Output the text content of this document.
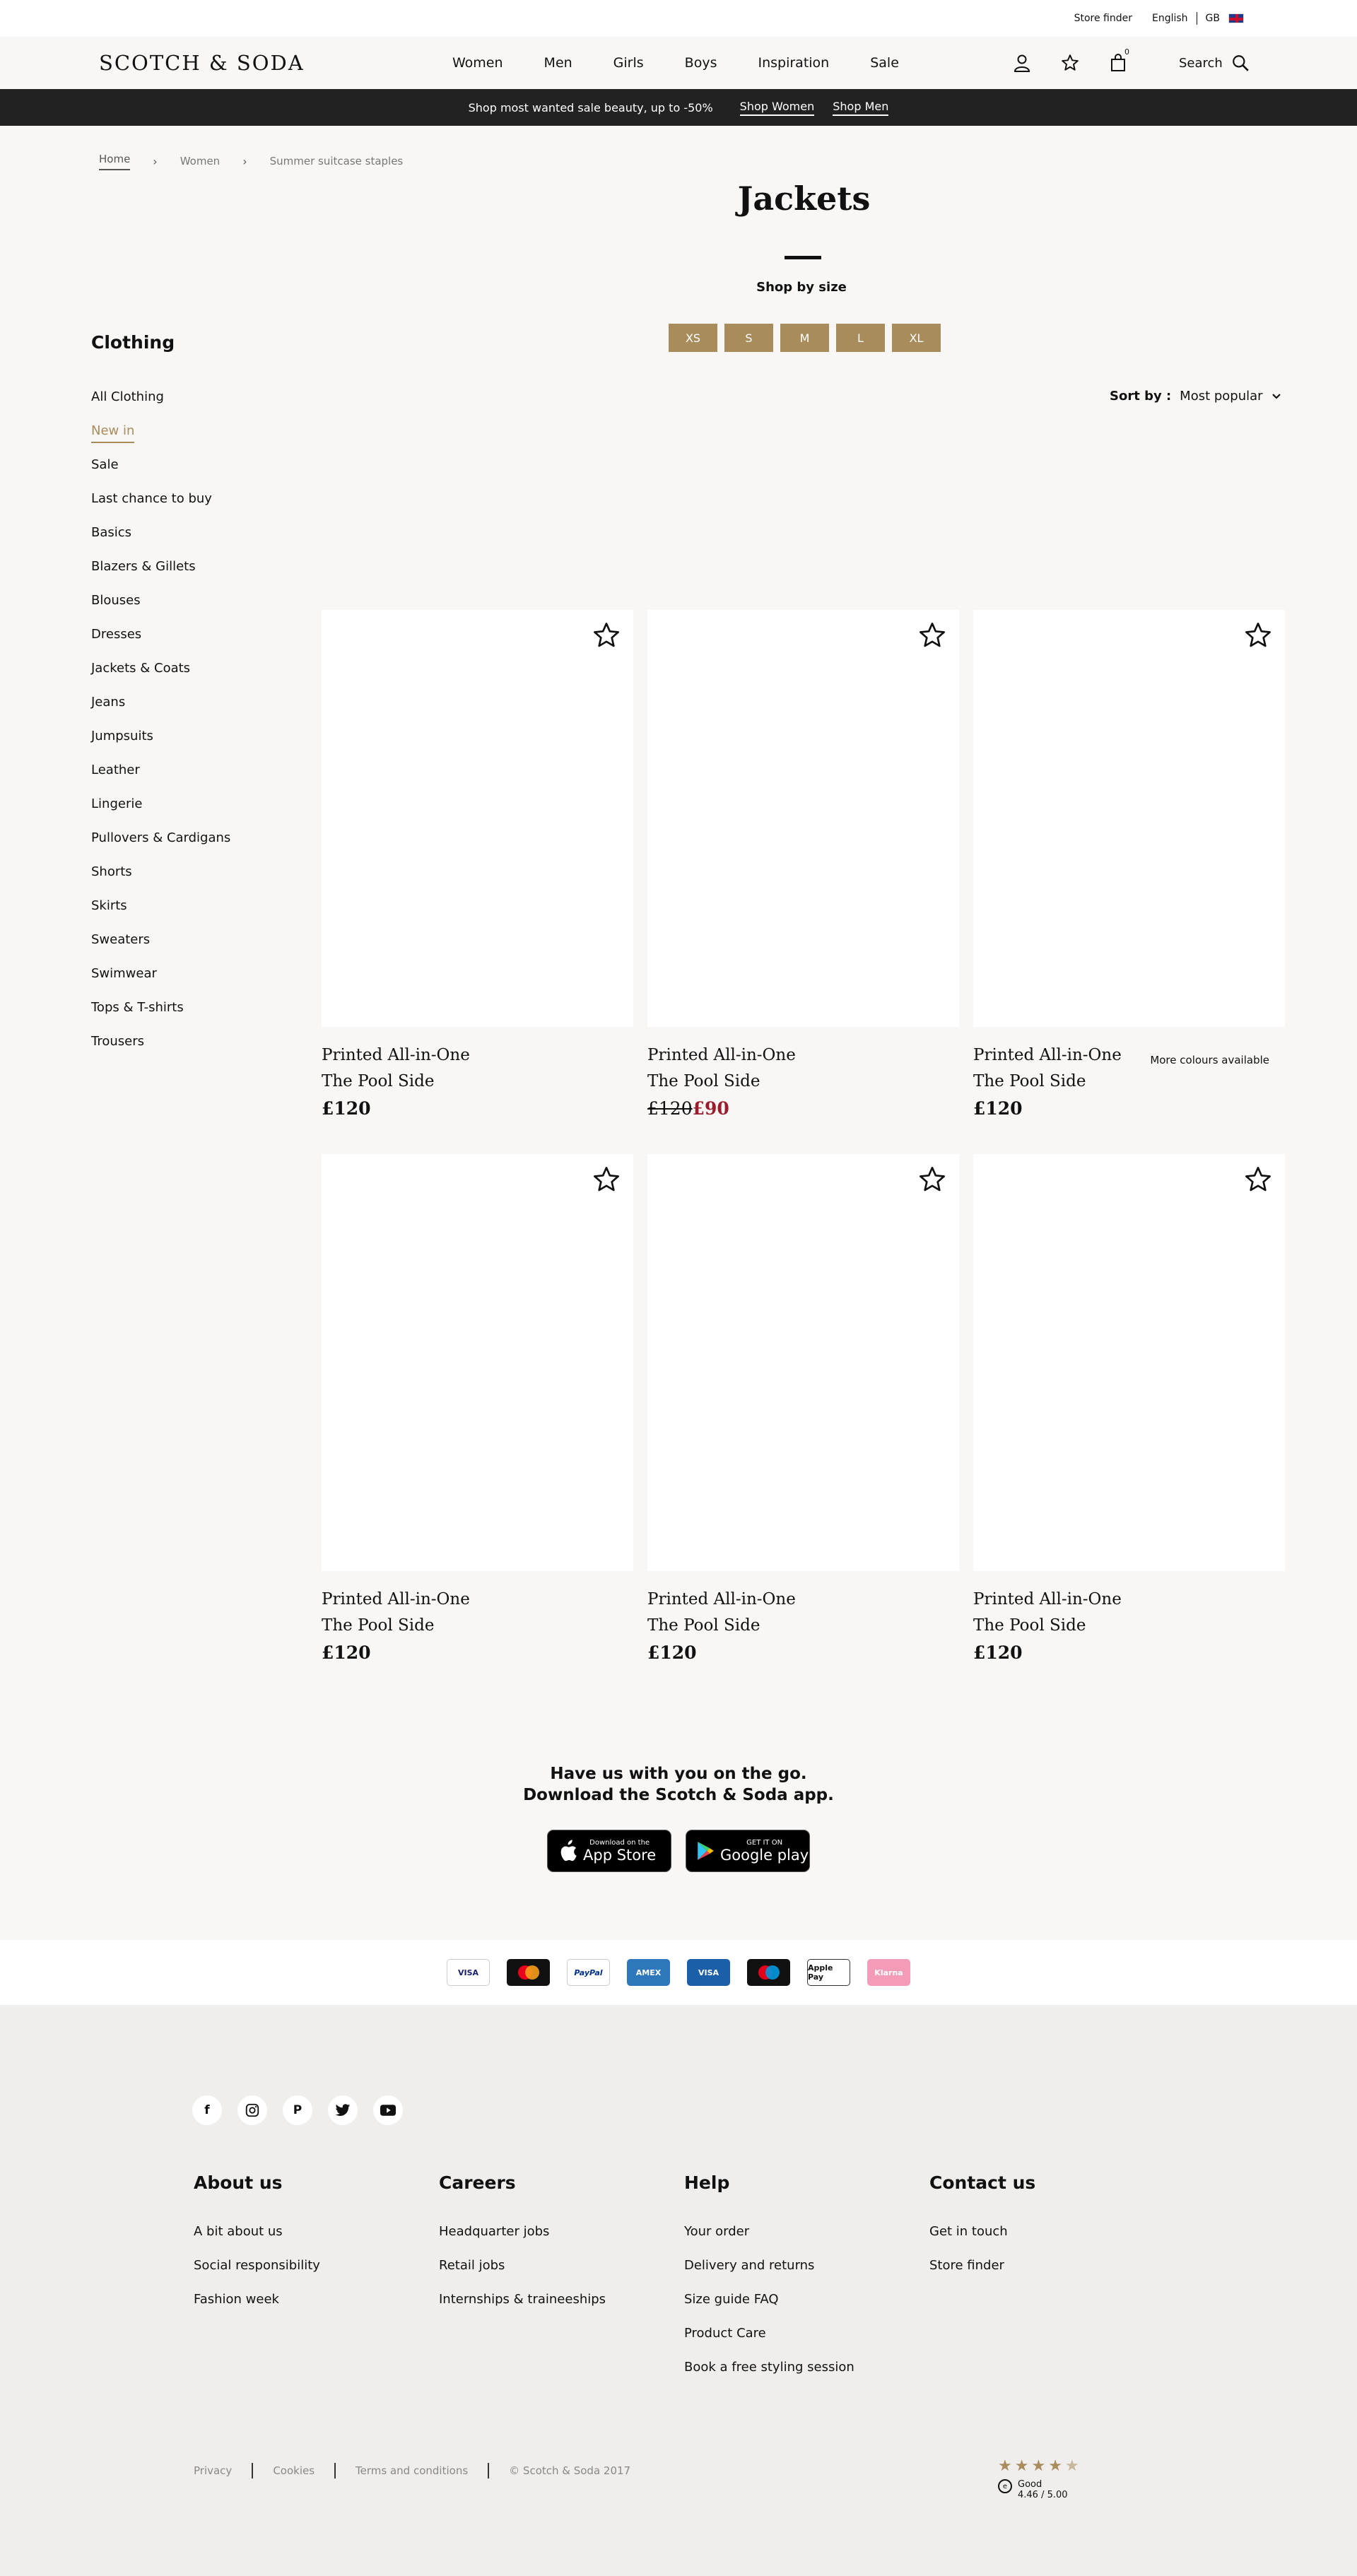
Store finder English GB
SCOTCH & SODA	Women	Men	Girls	Boys	Inspiration	Sale
0
Search
Shop most wanted sale beauty, up to -50% Shop Women Shop Men
Home › Women › Summer suitcase staples
Jackets
Shop by size
XS	S	M	L	XL
Sort by : Most popular
Clothing
All Clothing
New in
Sale
Last chance to buy
Basics
Blazers & Gillets
Blouses
Dresses
Jackets & Coats
Jeans
Jumpsuits
Leather
Lingerie
Pullovers & Cardigans
Shorts
Skirts
Sweaters
Swimwear
Tops & T-shirts
Trousers
Printed All-in-One
The Pool Side
£120
Printed All-in-One
The Pool Side
£120£90
Printed All-in-One
The Pool Side
£120
More colours available
Printed All-in-One
The Pool Side
£120
Printed All-in-One
The Pool Side
£120
Printed All-in-One
The Pool Side
£120

Have us with you on the go.

Download the Scotch & Soda app.

Download on the
App Store
GET IT ON
Google play
VISA	PayPal	AMEX	VISA	Apple Pay	Klarna
f	P
About us
A bit about us
Social responsibility
Fashion week
Careers
Headquarter jobs
Retail jobs
Internships & traineeships
Help
Your order
Delivery and returns
Size guide FAQ
Product Care
Book a free styling session
Contact us
Get in touch
Store finder
Privacy	Cookies	Terms and conditions	© Scotch & Soda 2017	★ ★ ★ ★ ★
e	Good
4.46 / 5.00
